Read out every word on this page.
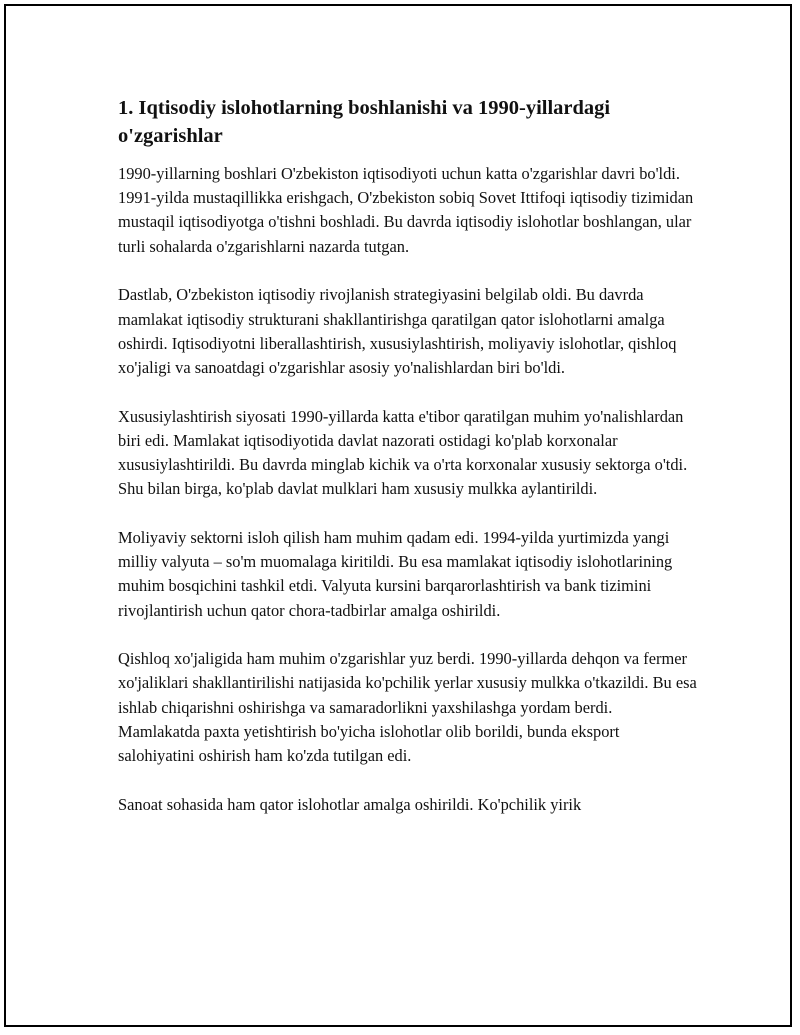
1. Iqtisodiy islohotlarning boshlanishi va 1990-yillardagi o'zgarishlar

1990-yillarning boshlari O'zbekiston iqtisodiyoti uchun katta o'zgarishlar davri bo'ldi. 1991-yilda mustaqillikka erishgach, O'zbekiston sobiq Sovet Ittifoqi iqtisodiy tizimidan mustaqil iqtisodiyotga o'tishni boshladi. Bu davrda iqtisodiy islohotlar boshlangan, ular turli sohalarda o'zgarishlarni nazarda tutgan.

Dastlab, O'zbekiston iqtisodiy rivojlanish strategiyasini belgilab oldi. Bu davrda mamlakat iqtisodiy strukturani shakllantirishga qaratilgan qator islohotlarni amalga oshirdi. Iqtisodiyotni liberallashtirish, xususiylashtirish, moliyaviy islohotlar, qishloq xo'jaligi va sanoatdagi o'zgarishlar asosiy yo'nalishlardan biri bo'ldi.

Xususiylashtirish siyosati 1990-yillarda katta e'tibor qaratilgan muhim yo'nalishlardan biri edi. Mamlakat iqtisodiyotida davlat nazorati ostidagi ko'plab korxonalar xususiylashtirildi. Bu davrda minglab kichik va o'rta korxonalar xususiy sektorga o'tdi. Shu bilan birga, ko'plab davlat mulklari ham xususiy mulkka aylantirildi.

Moliyaviy sektorni isloh qilish ham muhim qadam edi. 1994-yilda yurtimizda yangi milliy valyuta – so'm muomalaga kiritildi. Bu esa mamlakat iqtisodiy islohotlarining muhim bosqichini tashkil etdi. Valyuta kursini barqarorlashtirish va bank tizimini rivojlantirish uchun qator chora-tadbirlar amalga oshirildi.

Qishloq xo'jaligida ham muhim o'zgarishlar yuz berdi. 1990-yillarda dehqon va fermer xo'jaliklari shakllantirilishi natijasida ko'pchilik yerlar xususiy mulkka o'tkazildi. Bu esa ishlab chiqarishni oshirishga va samaradorlikni yaxshilashga yordam berdi. Mamlakatda paxta yetishtirish bo'yicha islohotlar olib borildi, bunda eksport salohiyatini oshirish ham ko'zda tutilgan edi.

Sanoat sohasida ham qator islohotlar amalga oshirildi. Ko'pchilik yirik
